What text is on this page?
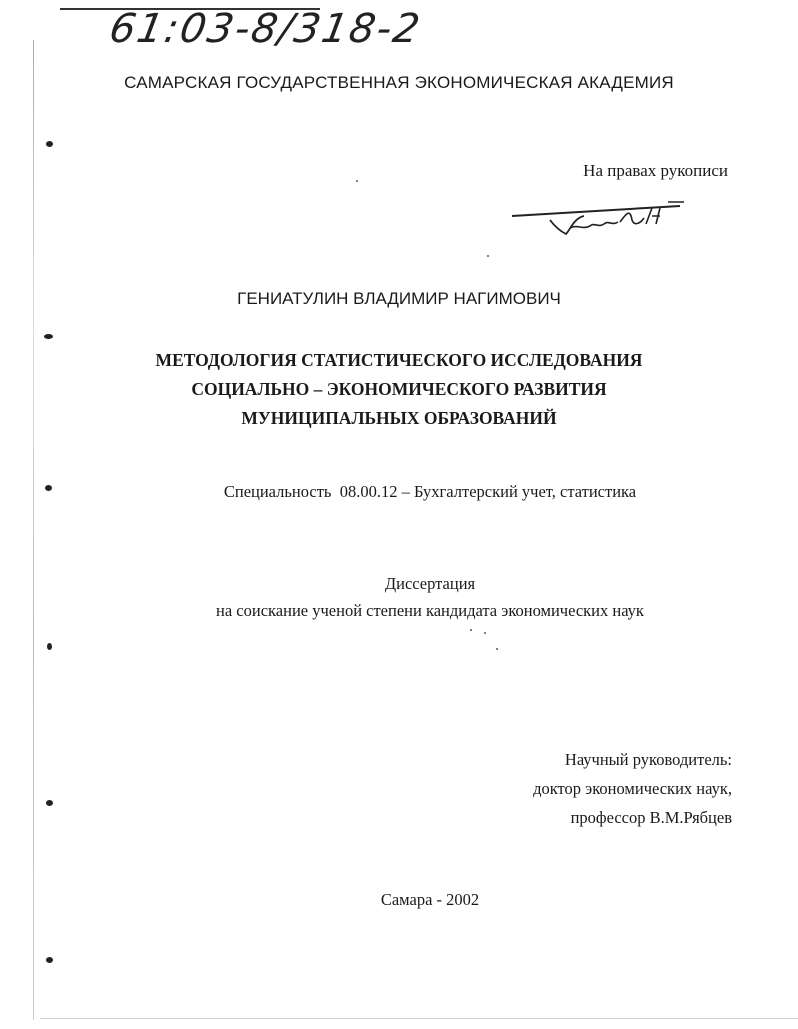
61:03-8/318-2
САМАРСКАЯ ГОСУДАРСТВЕННАЯ ЭКОНОМИЧЕСКАЯ АКАДЕМИЯ
На правах рукописи
ГЕНИАТУЛИН ВЛАДИМИР НАГИМОВИЧ
МЕТОДОЛОГИЯ СТАТИСТИЧЕСКОГО ИССЛЕДОВАНИЯ
СОЦИАЛЬНО – ЭКОНОМИЧЕСКОГО РАЗВИТИЯ
МУНИЦИПАЛЬНЫХ ОБРАЗОВАНИЙ
Специальность  08.00.12 – Бухгалтерский учет, статистика
Диссертация
на соискание ученой степени кандидата экономических наук
Научный руководитель:
доктор экономических наук,
профессор В.М.Рябцев
Самара - 2002
